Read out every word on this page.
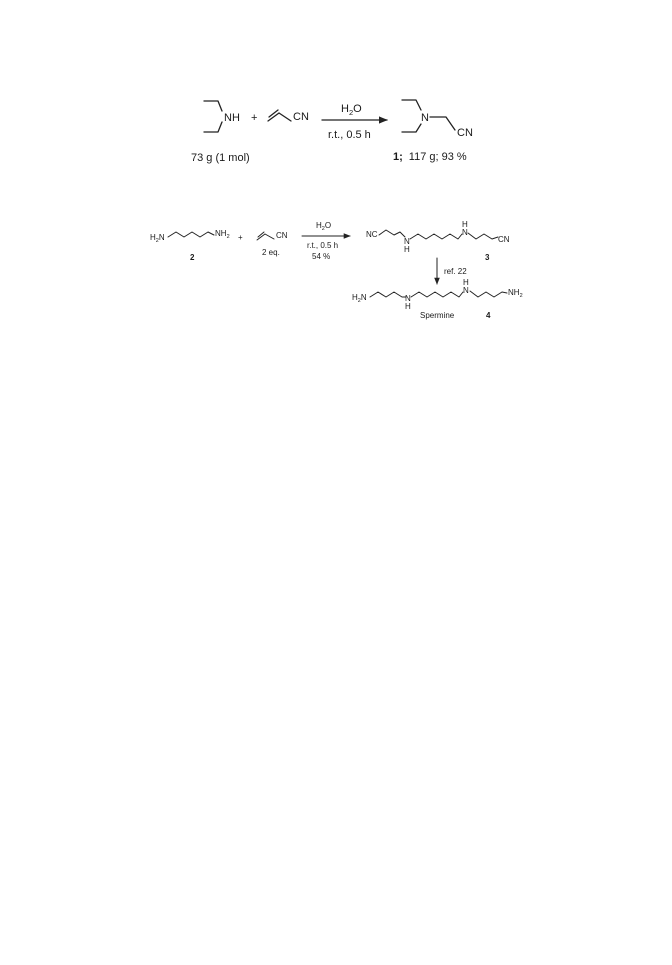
NH +	CN
$H_2O$
r.t., 0.5 h
N
CN
73 g (1 mol)	1; 117 g; 93 %
$H_2N$	$NH_2$
2
+	CN
2 eq.
$H_2O$
r.t., 0.5 h
54 %
NC
N
H
H
N
CN
3
ref. 22
$H_2N$	N
H
H
N	$NH_2$
Spermine	4
